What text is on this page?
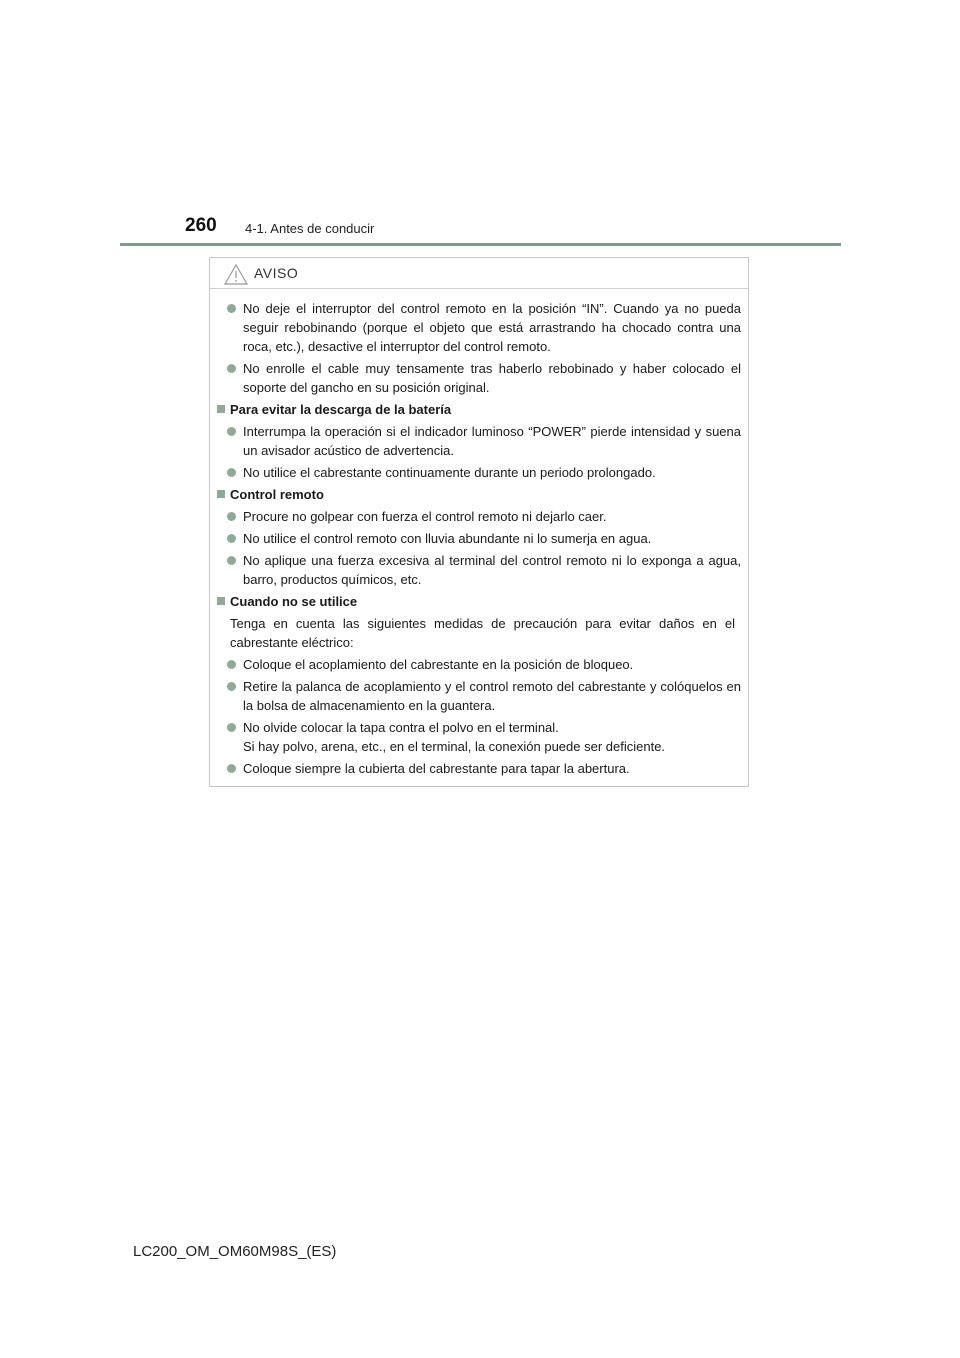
260 4-1. Antes de conducir
AVISO
No deje el interruptor del control remoto en la posición “IN”. Cuando ya no pueda seguir rebobinando (porque el objeto que está arrastrando ha chocado contra una roca, etc.), desactive el interruptor del control remoto.
No enrolle el cable muy tensamente tras haberlo rebobinado y haber colocado el soporte del gancho en su posición original.
Para evitar la descarga de la batería
Interrumpa la operación si el indicador luminoso “POWER” pierde intensidad y suena un avisador acústico de advertencia.
No utilice el cabrestante continuamente durante un periodo prolongado.
Control remoto
Procure no golpear con fuerza el control remoto ni dejarlo caer.
No utilice el control remoto con lluvia abundante ni lo sumerja en agua.
No aplique una fuerza excesiva al terminal del control remoto ni lo exponga a agua, barro, productos químicos, etc.
Cuando no se utilice
Tenga en cuenta las siguientes medidas de precaución para evitar daños en el cabrestante eléctrico:
Coloque el acoplamiento del cabrestante en la posición de bloqueo.
Retire la palanca de acoplamiento y el control remoto del cabrestante y colóquelos en la bolsa de almacenamiento en la guantera.
No olvide colocar la tapa contra el polvo en el terminal.
Si hay polvo, arena, etc., en el terminal, la conexión puede ser deficiente.
Coloque siempre la cubierta del cabrestante para tapar la abertura.
LC200_OM_OM60M98S_(ES)
